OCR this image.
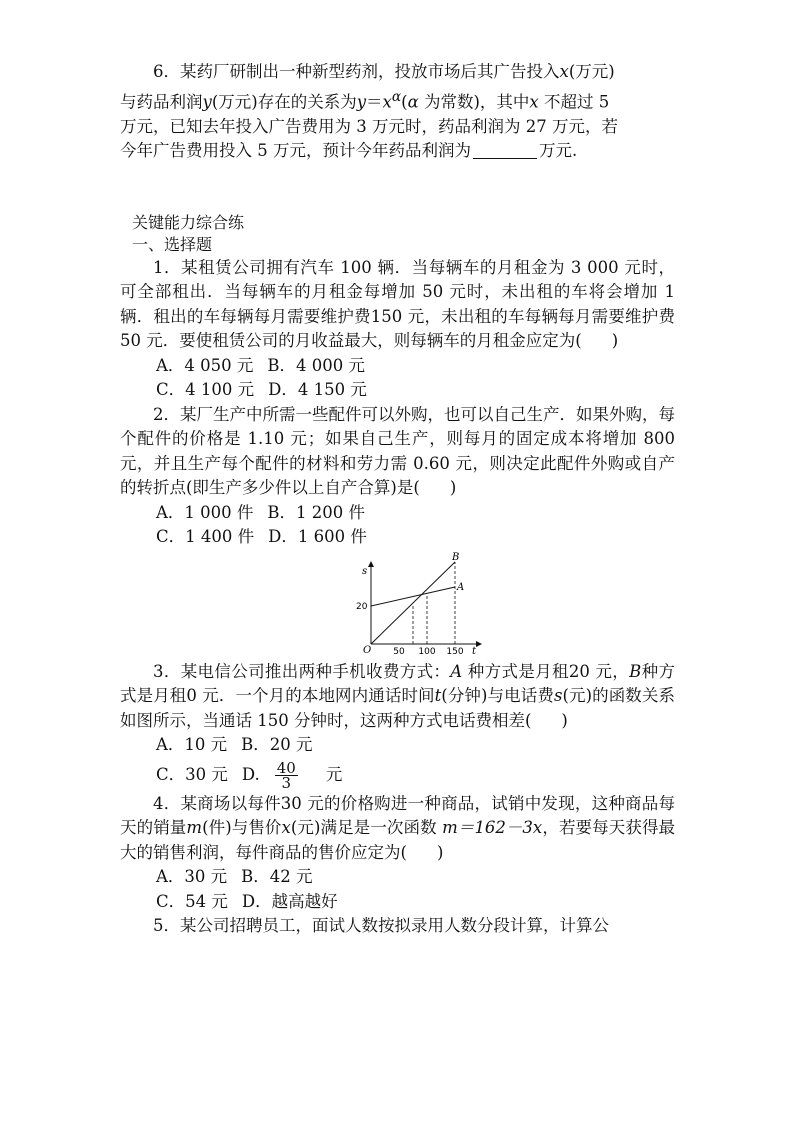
6．某药厂研制出一种新型药剂，投放市场后其广告投入x(万元)
与药品利润y(万元)存在的关系为$y=x^\alpha(\alpha$ 为常数)，其中x 不超过 5
万元，已知去年投入广告费用为 3 万元时，药品利润为 27 万元，若
今年广告费用投入 5 万元，预计今年药品利润为	万元.

关键能力综合练
一、选择题

1．某租赁公司拥有汽车 100 辆．当每辆车的月租金为 3 000 元时，可全部租出．当每辆车的月租金每增加 50 元时，未出租的车将会增加 1 辆．租出的车每辆每月需要维护费150 元，未出租的车每辆每月需要维护费 50 元．要使租赁公司的月收益最大，则每辆车的月租金应定为( )

A．4 050 元 B．4 000 元
C．4 100 元 D．4 150 元

2．某厂生产中所需一些配件可以外购，也可以自己生产．如果外购，每个配件的价格是 1.10 元；如果自己生产，则每月的固定成本将增加 800 元，并且生产每个配件的材料和劳力需 0.60 元，则决定此配件外购或自产的转折点(即生产多少件以上自产合算)是( )

A．1 000 件 B．1 200 件
C．1 400 件 D．1 600 件
s
t
O
20
50 100 150
A
B

3．某电信公司推出两种手机收费方式：A 种方式是月租20 元，B种方式是月租0 元．一个月的本地网内通话时间t(分钟)与电话费s(元)的函数关系如图所示，当通话 150 分钟时，这两种方式电话费相差( )

A．10 元 B．20 元
C．30 元 D. $\frac{40}{3}$ 元

4．某商场以每件30 元的价格购进一种商品，试销中发现，这种商品每天的销量m(件)与售价x(元)满足是一次函数 m＝162－3x，若要每天获得最大的销售利润，每件商品的售价应定为( )

A．30 元 B．42 元
C．54 元 D．越高越好

5．某公司招聘员工，面试人数按拟录用人数分段计算，计算公
